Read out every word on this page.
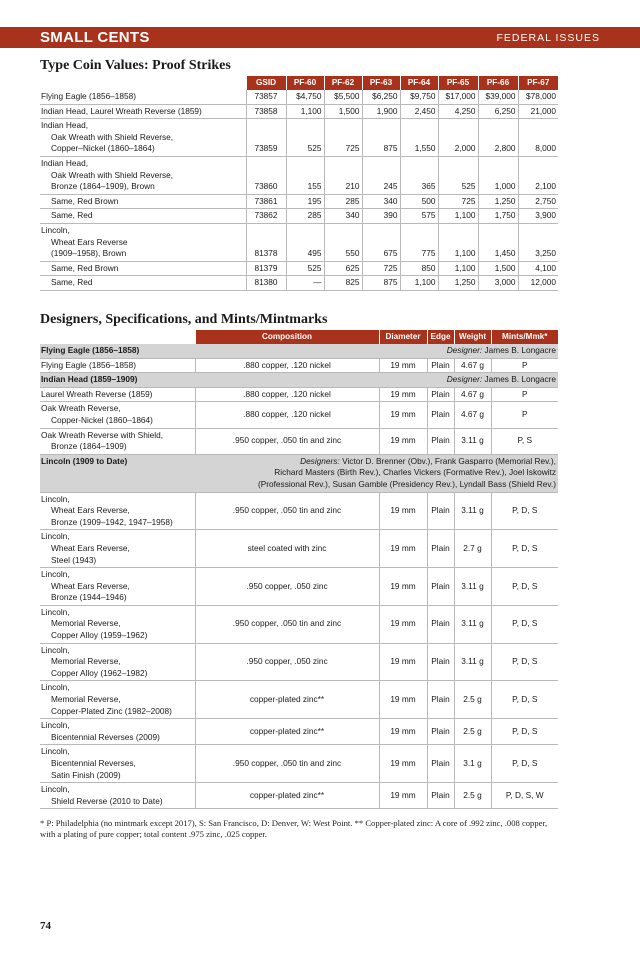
SMALL CENTS	FEDERAL ISSUES
Type Coin Values: Proof Strikes
	GSID	PF-60	PF-62	PF-63	PF-64	PF-65	PF-66	PF-67

Flying Eagle (1856–1858)	73857	$4,750	$5,500	$6,250	$9,750	$17,000	$39,000	$78,000

Indian Head, Laurel Wreath Reverse (1859)	73858	1,100	1,500	1,900	2,450	4,250	6,250	21,000

Indian Head,
Oak Wreath with Shield Reverse,
Copper–Nickel (1860–1864)	73859	525	725	875	1,550	2,000	2,800	8,000

Indian Head,
Oak Wreath with Shield Reverse,
Bronze (1864–1909), Brown	73860	155	210	245	365	525	1,000	2,100

Same, Red Brown	73861	195	285	340	500	725	1,250	2,750

Same, Red	73862	285	340	390	575	1,100	1,750	3,900

Lincoln,
Wheat Ears Reverse
(1909–1958), Brown	81378	495	550	675	775	1,100	1,450	3,250

Same, Red Brown	81379	525	625	725	850	1,100	1,500	4,100

Same, Red	81380	—	825	875	1,100	1,250	3,000	12,000
Designers, Specifications, and Mints/Mintmarks
	Composition	Diameter	Edge	Weight	Mints/Mmk*
Flying Eagle (1856–1858)	Designer: James B. Longacre				

Flying Eagle (1856–1858)	.880 copper, .120 nickel	19 mm	Plain	4.67 g	P
Indian Head (1859–1909)	Designer: James B. Longacre				

Laurel Wreath Reverse (1859)	.880 copper, .120 nickel	19 mm	Plain	4.67 g	P

Oak Wreath Reverse,
Copper-Nickel (1860–1864)	.880 copper, .120 nickel	19 mm	Plain	4.67 g	P

Oak Wreath Reverse with Shield,
Bronze (1864–1909)	.950 copper, .050 tin and zinc	19 mm	Plain	3.11 g	P, S
Lincoln (1909 to Date)	Designers: Victor D. Brenner (Obv.), Frank Gasparro (Memorial Rev.),
Richard Masters (Birth Rev.), Charles Vickers (Formative Rev.), Joel Iskowitz
(Professional Rev.), Susan Gamble (Presidency Rev.), Lyndall Bass (Shield Rev.)				

Lincoln,
Wheat Ears Reverse,
Bronze (1909–1942, 1947–1958)	.950 copper, .050 tin and zinc	19 mm	Plain	3.11 g	P, D, S

Lincoln,
Wheat Ears Reverse,
Steel (1943)	steel coated with zinc	19 mm	Plain	2.7 g	P, D, S

Lincoln,
Wheat Ears Reverse,
Bronze (1944–1946)	.950 copper, .050 zinc	19 mm	Plain	3.11 g	P, D, S

Lincoln,
Memorial Reverse,
Copper Alloy (1959–1962)	.950 copper, .050 tin and zinc	19 mm	Plain	3.11 g	P, D, S

Lincoln,
Memorial Reverse,
Copper Alloy (1962–1982)	.950 copper, .050 zinc	19 mm	Plain	3.11 g	P, D, S

Lincoln,
Memorial Reverse,
Copper-Plated Zinc (1982–2008)	copper-plated zinc**	19 mm	Plain	2.5 g	P, D, S

Lincoln,
Bicentennial Reverses (2009)	copper-plated zinc**	19 mm	Plain	2.5 g	P, D, S

Lincoln,
Bicentennial Reverses,
Satin Finish (2009)	.950 copper, .050 tin and zinc	19 mm	Plain	3.1 g	P, D, S

Lincoln,
Shield Reverse (2010 to Date)	copper-plated zinc**	19 mm	Plain	2.5 g	P, D, S, W
* P: Philadelphia (no mintmark except 2017), S: San Francisco, D: Denver, W: West Point. ** Copper-plated zinc: A core of .992 zinc, .008 copper, with a plating of pure copper; total content .975 zinc, .025 copper.
74
